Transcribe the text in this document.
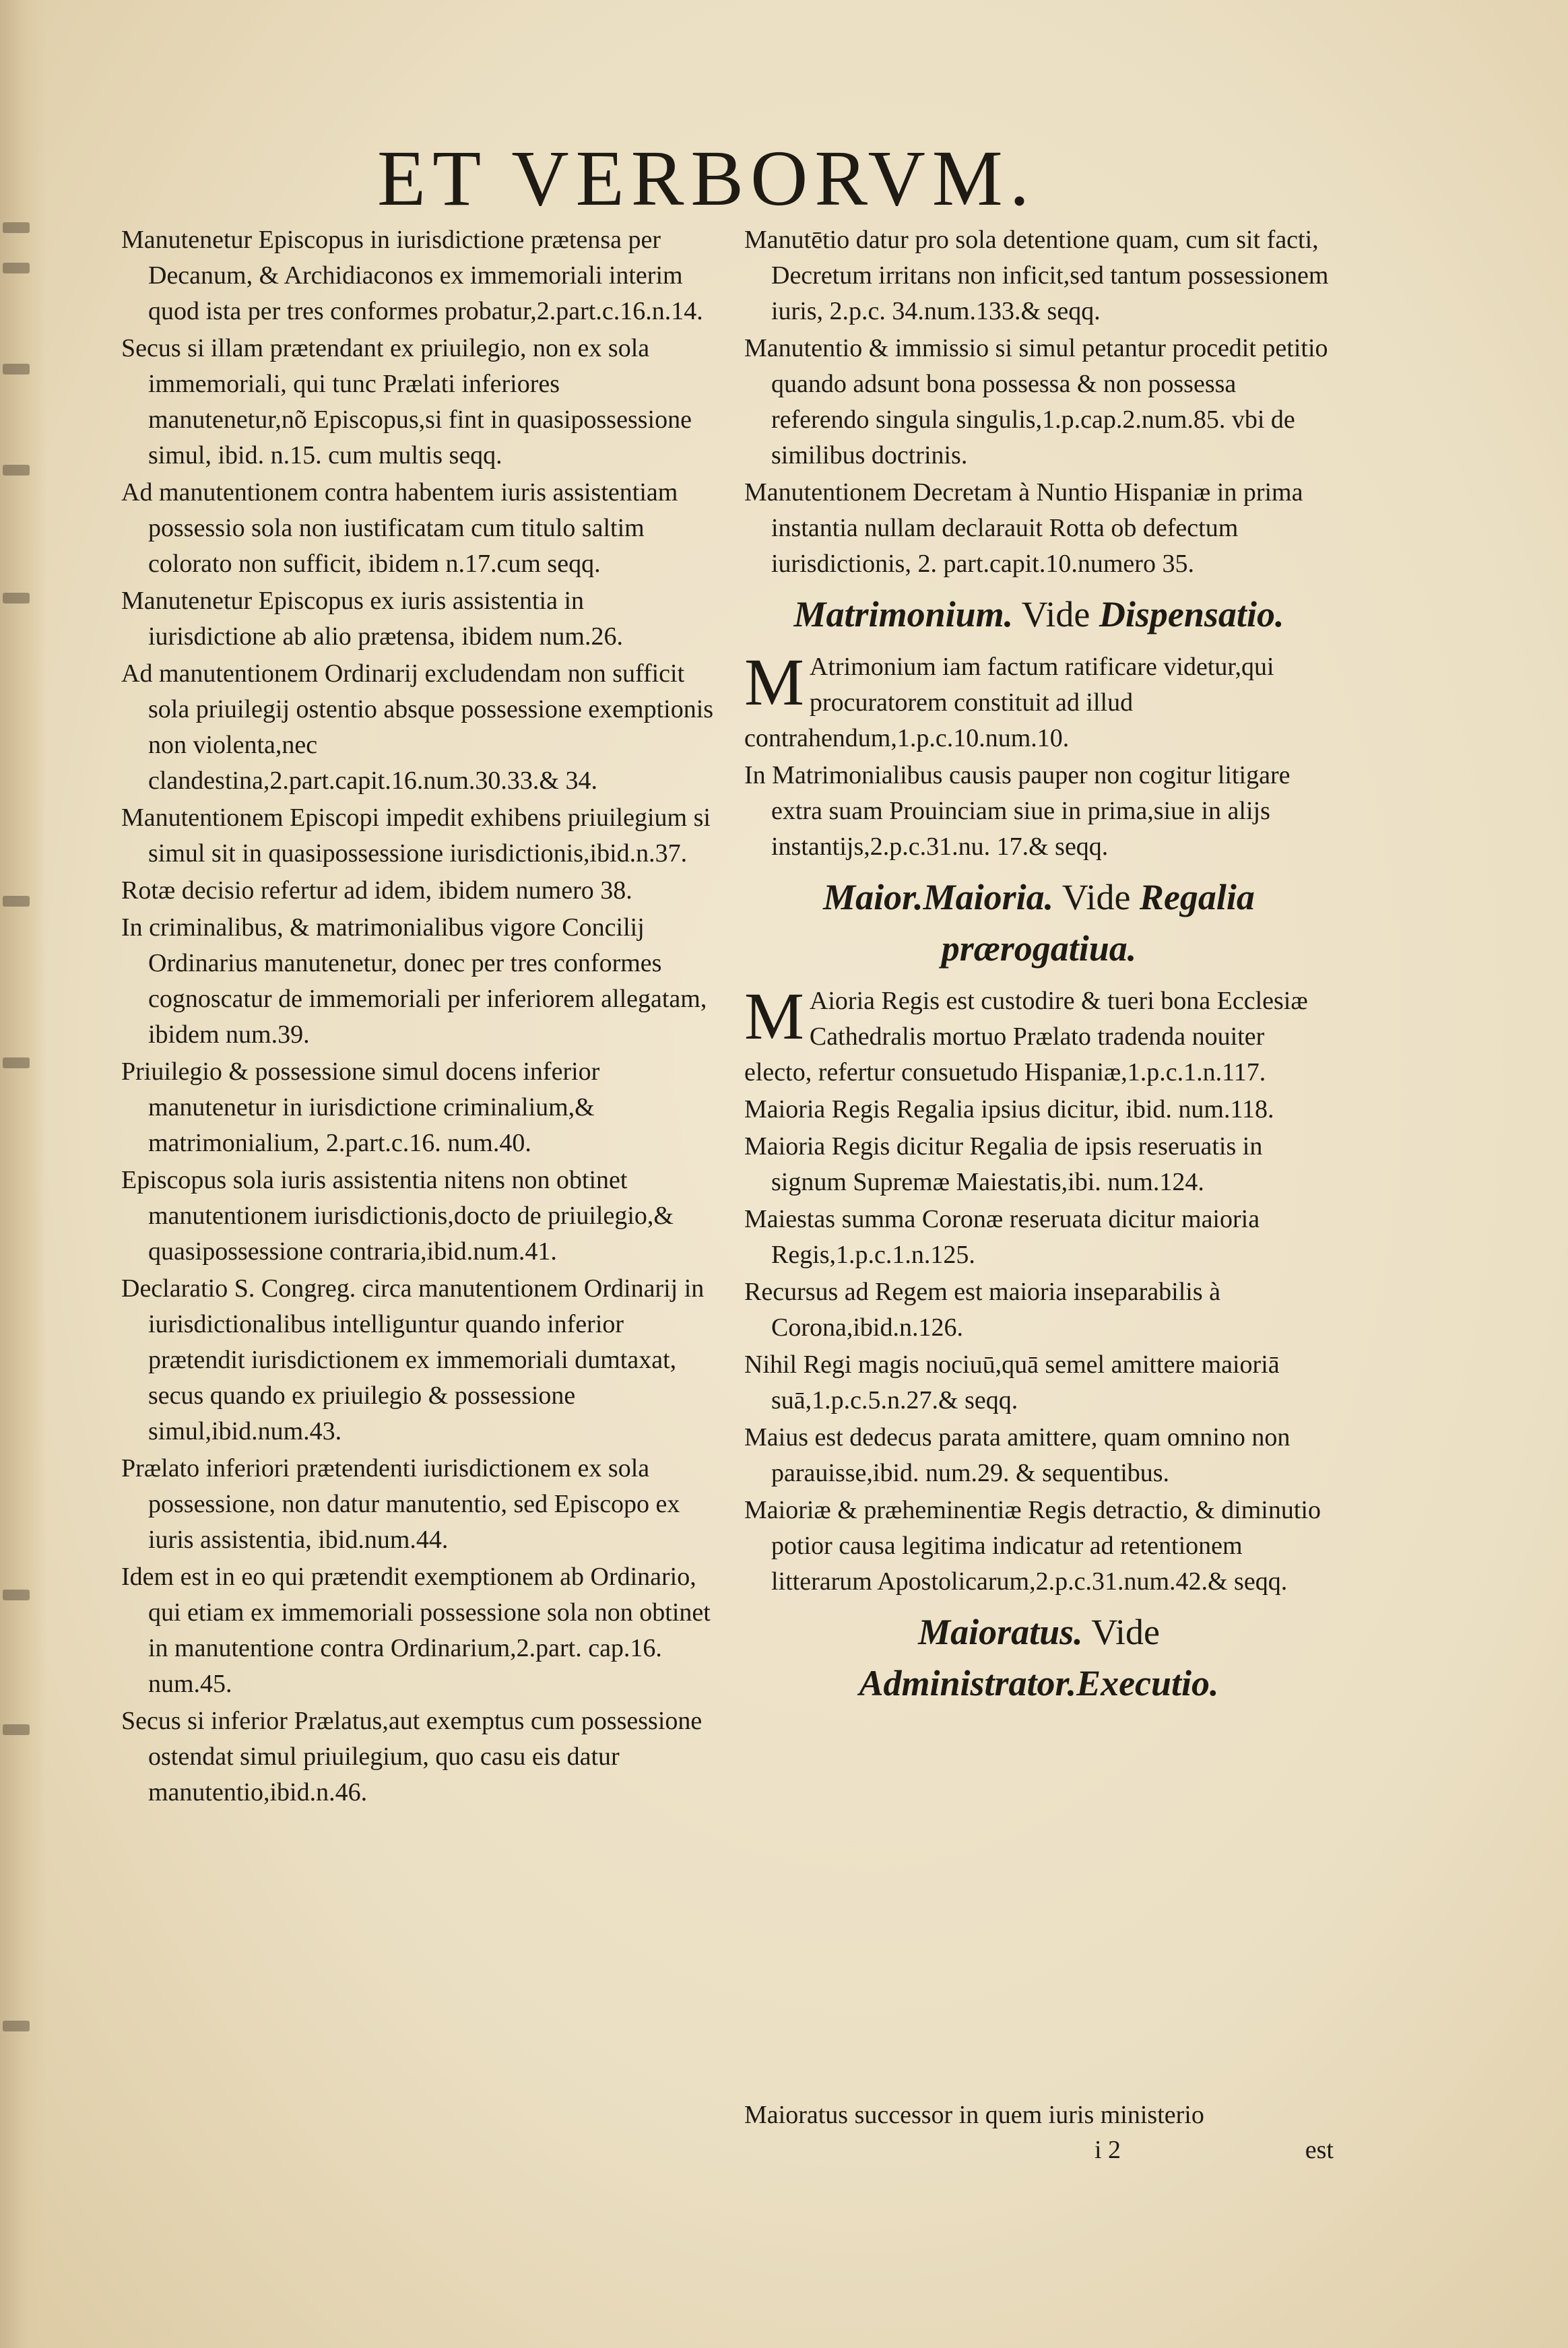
ET VERBORVM.

Manutenetur Episcopus in iurisdictione prætensa per Decanum, & Archidiaconos ex immemoriali interim quod ista per tres conformes probatur,2.part.c.16.n.14.

Secus si illam prætendant ex priuilegio, non ex sola immemoriali, qui tunc Prælati inferiores manutenetur,nõ Episcopus,si fint in quasipossessione simul, ibid. n.15. cum multis seqq.

Ad manutentionem contra habentem iuris assistentiam possessio sola non iustificatam cum titulo saltim colorato non sufficit, ibidem n.17.cum seqq.

Manutenetur Episcopus ex iuris assistentia in iurisdictione ab alio prætensa, ibidem num.26.

Ad manutentionem Ordinarij excludendam non sufficit sola priuilegij ostentio absque possessione exemptionis non violenta,nec clandestina,2.part.capit.16.num.30.33.& 34.

Manutentionem Episcopi impedit exhibens priuilegium si simul sit in quasipossessione iurisdictionis,ibid.n.37.

Rotæ decisio refertur ad idem, ibidem numero 38.

In criminalibus, & matrimonialibus vigore Concilij Ordinarius manutenetur, donec per tres conformes cognoscatur de immemoriali per inferiorem allegatam, ibidem num.39.

Priuilegio & possessione simul docens inferior manutenetur in iurisdictione criminalium,& matrimonialium, 2.part.c.16. num.40.

Episcopus sola iuris assistentia nitens non obtinet manutentionem iurisdictionis,docto de priuilegio,& quasipossessione contraria,ibid.num.41.

Declaratio S. Congreg. circa manutentionem Ordinarij in iurisdictionalibus intelliguntur quando inferior prætendit iurisdictionem ex immemoriali dumtaxat, secus quando ex priuilegio & possessione simul,ibid.num.43.

Prælato inferiori prætendenti iurisdictionem ex sola possessione, non datur manutentio, sed Episcopo ex iuris assistentia, ibid.num.44.

Idem est in eo qui prætendit exemptionem ab Ordinario, qui etiam ex immemoriali possessione sola non obtinet in manutentione contra Ordinarium,2.part. cap.16. num.45.

Secus si inferior Prælatus,aut exemptus cum possessione ostendat simul priuilegium, quo casu eis datur manutentio,ibid.n.46.

Manutētio datur pro sola detentione quam, cum sit facti, Decretum irritans non inficit,sed tantum possessionem iuris, 2.p.c. 34.num.133.& seqq.

Manutentio & immissio si simul petantur procedit petitio quando adsunt bona possessa & non possessa referendo singula singulis,1.p.cap.2.num.85. vbi de similibus doctrinis.

Manutentionem Decretam à Nuntio Hispaniæ in prima instantia nullam declarauit Rotta ob defectum iurisdictionis, 2. part.capit.10.numero 35.

Matrimonium. Vide Dispensatio.

M Atrimonium iam factum ratificare videtur,qui procuratorem constituit ad illud contrahendum,1.p.c.10.num.10.

In Matrimonialibus causis pauper non cogitur litigare extra suam Prouinciam siue in prima,siue in alijs instantijs,2.p.c.31.nu. 17.& seqq.

Maior.Maioria. Vide Regalia prærogatiua.

M Aioria Regis est custodire & tueri bona Ecclesiæ Cathedralis mortuo Prælato tradenda nouiter electo, refertur consuetudo Hispaniæ,1.p.c.1.n.117.

Maioria Regis Regalia ipsius dicitur, ibid. num.118.

Maioria Regis dicitur Regalia de ipsis reseruatis in signum Supremæ Maiestatis,ibi. num.124.

Maiestas summa Coronæ reseruata dicitur maioria Regis,1.p.c.1.n.125.

Recursus ad Regem est maioria inseparabilis à Corona,ibid.n.126.

Nihil Regi magis nociuū,quā semel amittere maioriā suā,1.p.c.5.n.27.& seqq.

Maius est dedecus parata amittere, quam omnino non parauisse,ibid. num.29. & sequentibus.

Maioriæ & præheminentiæ Regis detractio, & diminutio potior causa legitima indicatur ad retentionem litterarum Apostolicarum,2.p.c.31.num.42.& seqq.

Maioratus. Vide Administrator.Executio.
Maioratus successor in quem iuris ministerio
i 2	est
